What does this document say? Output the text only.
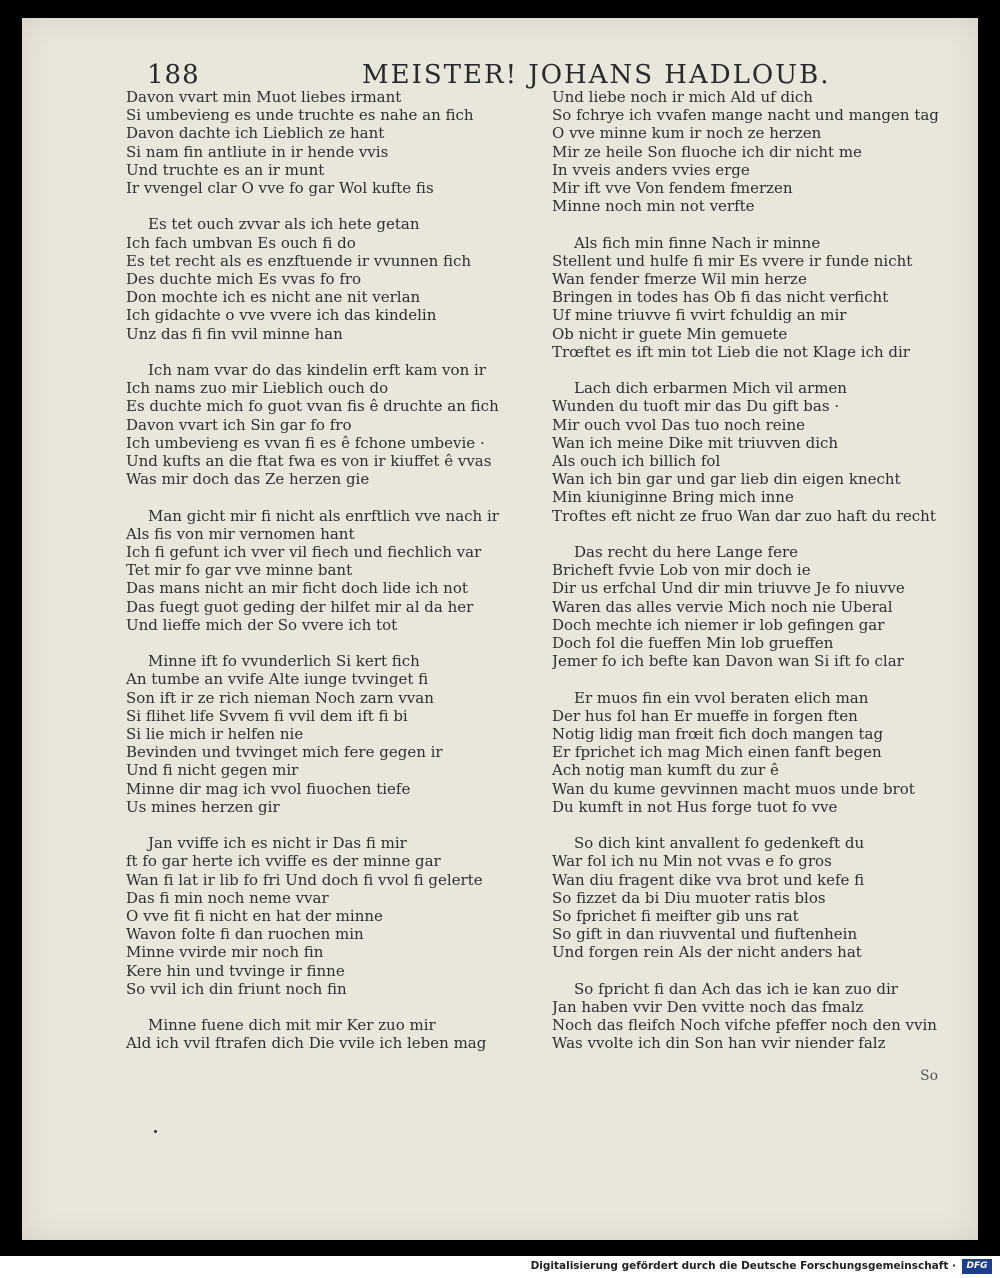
188	MEISTER! JOHANS HADLOUB.
Davon vvart min Muot liebes irmant
Si umbevieng es unde truchte es nahe an fich
Davon dachte ich Lieblich ze hant
Si nam fin antliute in ir hende vvis
Und truchte es an ir munt
Ir vvengel clar O vve fo gar Wol kufte fis
Es tet ouch zvvar als ich hete getan
Ich fach umbvan Es ouch fi do
Es tet recht als es enzftuende ir vvunnen fich
Des duchte mich Es vvas fo fro
Don mochte ich es nicht ane nit verlan
Ich gidachte o vve vvere ich das kindelin
Unz das fi fin vvil minne han
Ich nam vvar do das kindelin erft kam von ir
Ich nams zuo mir Lieblich ouch do
Es duchte mich fo guot vvan fis ê druchte an fich
Davon vvart ich Sin gar fo fro
Ich umbevieng es vvan fi es ê fchone umbevie ·
Und kufts an die ftat fwa es von ir kiuffet ê vvas
Was mir doch das Ze herzen gie
Man gicht mir fi nicht als enrftlich vve nach ir
Als fis von mir vernomen hant
Ich fi gefunt ich vver vil fiech und fiechlich var
Tet mir fo gar vve minne bant
Das mans nicht an mir ficht doch lide ich not
Das fuegt guot geding der hilfet mir al da her
Und lieffe mich der So vvere ich tot
Minne ift fo vvunderlich Si kert fich
An tumbe an vvife Alte iunge tvvinget fi
Son ift ir ze rich nieman Noch zarn vvan
Si flihet life Svvem fi vvil dem ift fi bi
Si lie mich ir helfen nie
Bevinden und tvvinget mich fere gegen ir
Und fi nicht gegen mir
Minne dir mag ich vvol fiuochen tiefe
Us mines herzen gir
Jan vviffe ich es nicht ir Das fi mir
ft fo gar herte ich vviffe es der minne gar
Wan fi lat ir lib fo fri Und doch fi vvol fi gelerte
Das fi min noch neme vvar
O vve fit fi nicht en hat der minne
Wavon folte fi dan ruochen min
Minne vvirde mir noch fin
Kere hin und tvvinge ir finne
So vvil ich din friunt noch fin
Minne fuene dich mit mir Ker zuo mir
Ald ich vvil ftrafen dich Die vvile ich leben mag
Und liebe noch ir mich Ald uf dich
So fchrye ich vvafen mange nacht und mangen tag
O vve minne kum ir noch ze herzen
Mir ze heile Son fluoche ich dir nicht me
In vveis anders vvies erge
Mir ift vve Von fendem fmerzen
Minne noch min not verfte
Als fich min finne Nach ir minne
Stellent und hulfe fi mir Es vvere ir funde nicht
Wan fender fmerze Wil min herze
Bringen in todes has Ob fi das nicht verficht
Uf mine triuvve fi vvirt fchuldig an mir
Ob nicht ir guete Min gemuete
Trœftet es ift min tot Lieb die not Klage ich dir
Lach dich erbarmen Mich vil armen
Wunden du tuoft mir das Du gift bas ·
Mir ouch vvol Das tuo noch reine
Wan ich meine Dike mit triuvven dich
Als ouch ich billich fol
Wan ich bin gar und gar lieb din eigen knecht
Min kiuniginne Bring mich inne
Troftes eft nicht ze fruo Wan dar zuo haft du recht
Das recht du here Lange fere
Bricheft fvvie Lob von mir doch ie
Dir us erfchal Und dir min triuvve Je fo niuvve
Waren das alles vervie Mich noch nie Uberal
Doch mechte ich niemer ir lob gefingen gar
Doch fol die fueffen Min lob grueffen
Jemer fo ich befte kan Davon wan Si ift fo clar
Er muos fin ein vvol beraten elich man
Der hus fol han Er mueffe in forgen ften
Notig lidig man frœit fich doch mangen tag
Er fprichet ich mag Mich einen fanft begen
Ach notig man kumft du zur ê
Wan du kume gevvinnen macht muos unde brot
Du kumft in not Hus forge tuot fo vve
So dich kint anvallent fo gedenkeft du
War fol ich nu Min not vvas e fo gros
Wan diu fragent dike vva brot und kefe fi
So fizzet da bi Diu muoter ratis blos
So fprichet fi meifter gib uns rat
So gift in dan riuvvental und fiuftenhein
Und forgen rein Als der nicht anders hat
So fpricht fi dan Ach das ich ie kan zuo dir
Jan haben vvir Den vvitte noch das fmalz
Noch das fleifch Noch vifche pfeffer noch den vvin
Was vvolte ich din Son han vvir niender falz
So
Digitalisierung gefördert durch die Deutsche Forschungsgemeinschaft ·	DFG
